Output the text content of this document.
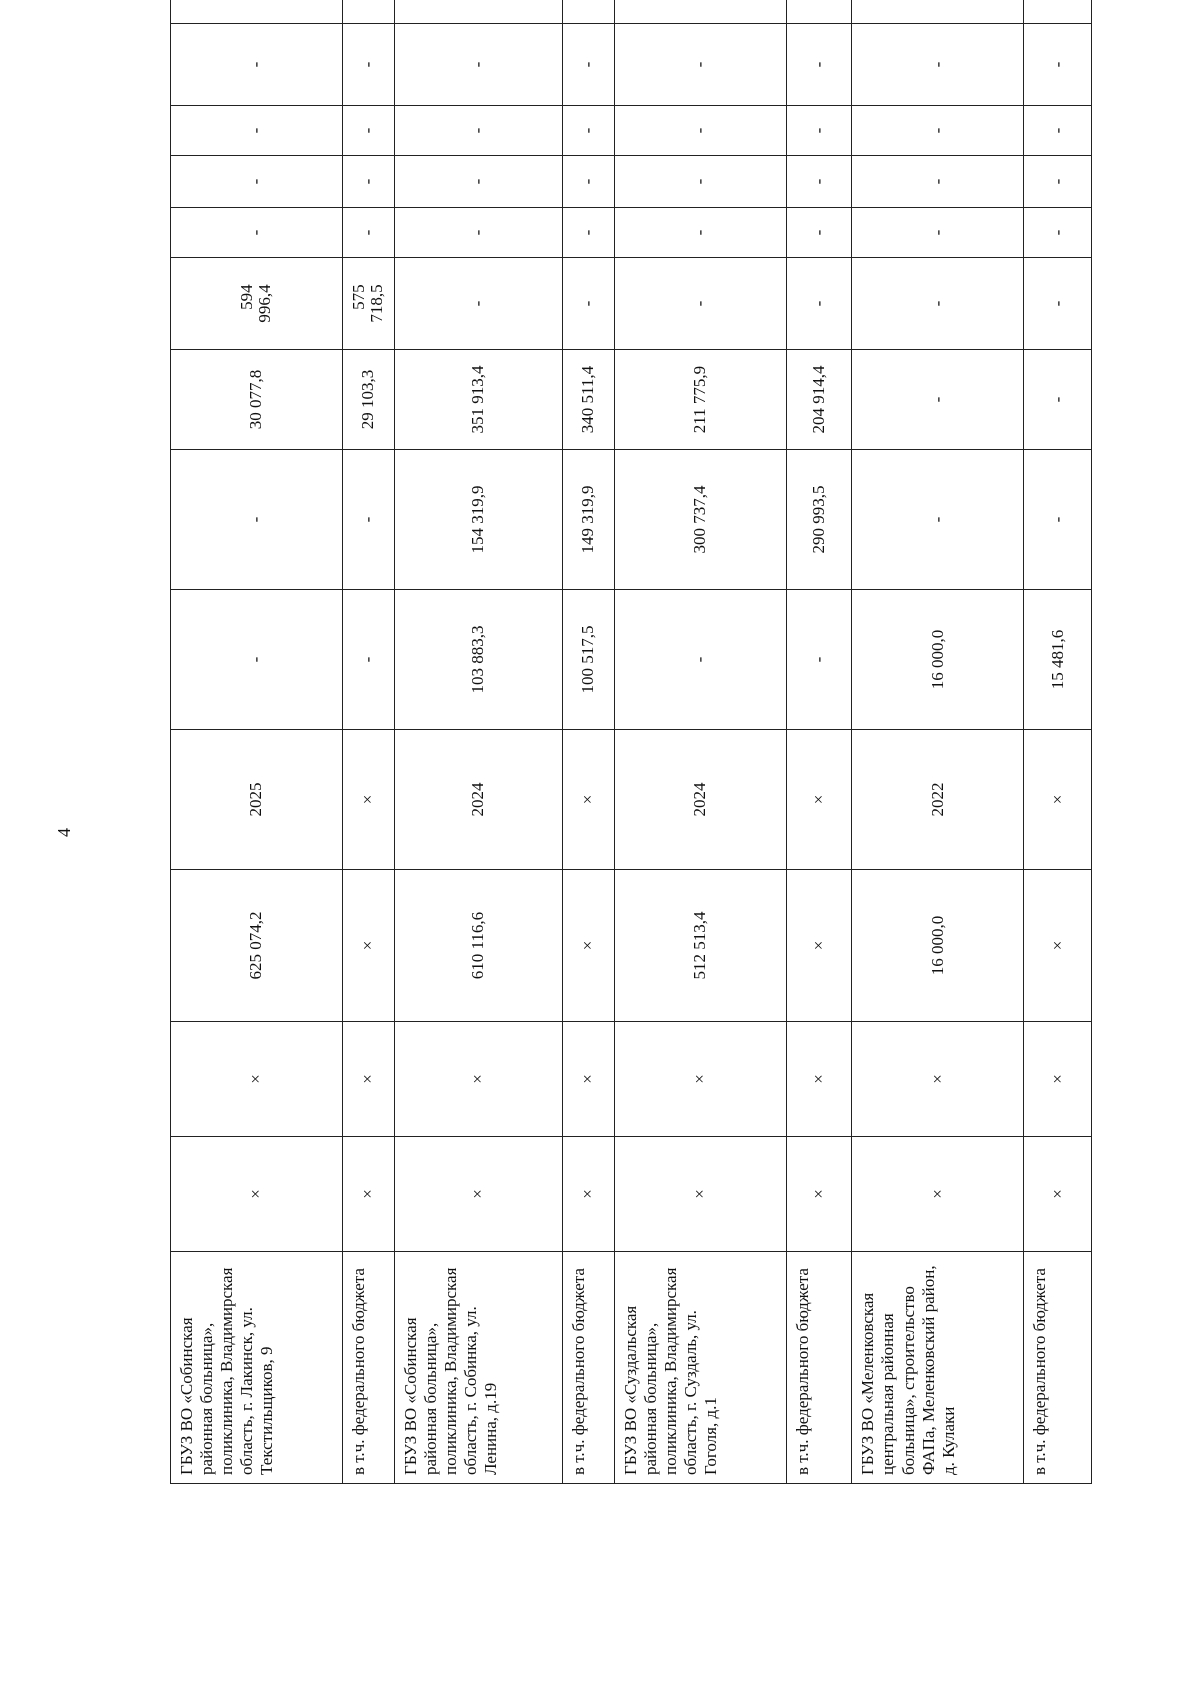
4
ГБУЗ ВО «Собинская районная больница», поликлиника, Владимирская область, г. Лакинск, ул. Текстильщиков, 9	×	×	625 074,2	2025	-	-	30 077,8	594 996,4	-	-	-	-		

в т.ч. федерального бюджета	×	×	×	×	-	-	29 103,3	575 718,5	-	-	-	-		

ГБУЗ ВО «Собинская районная больница», поликлиника, Владимирская область, г. Собинка, ул. Ленина, д.19	×	×	610 116,6	2024	103 883,3	154 319,9	351 913,4	-	-	-	-	-		

в т.ч. федерального бюджета	×	×	×	×	100 517,5	149 319,9	340 511,4	-	-	-	-	-		

ГБУЗ ВО «Суздальская районная больница», поликлиника, Владимирская область, г. Суздаль, ул. Гоголя, д.1	×	×	512 513,4	2024	-	300 737,4	211 775,9	-	-	-	-	-		

в т.ч. федерального бюджета	×	×	×	×	-	290 993,5	204 914,4	-	-	-	-	-		

ГБУЗ ВО «Меленковская центральная районная больница», строительство ФАПа, Меленковский район, д. Кулаки	×	×	16 000,0	2022	16 000,0	-	-	-	-	-	-	-		

в т.ч. федерального бюджета	×	×	×	×	15 481,6	-	-	-	-	-	-	-		
